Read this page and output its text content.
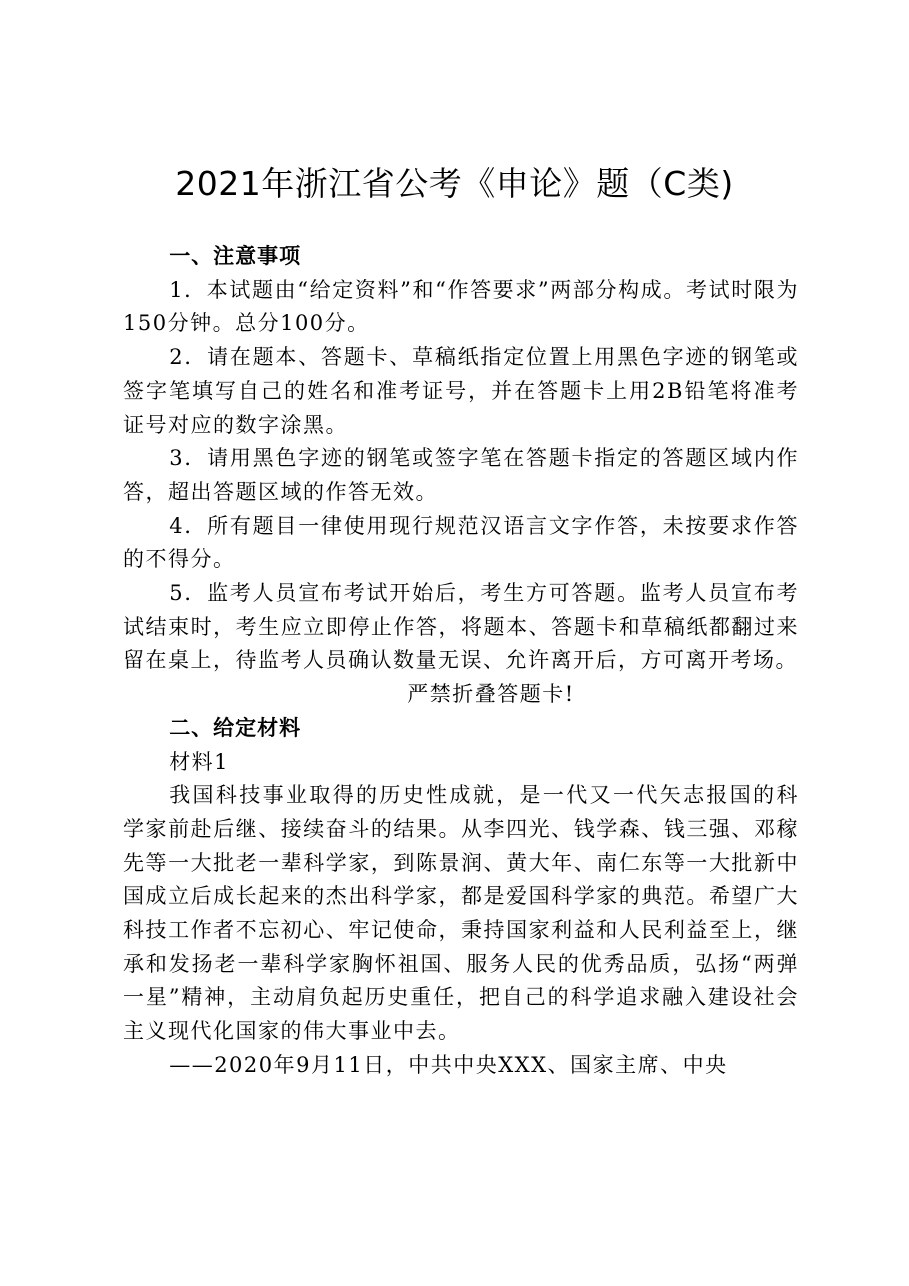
2021年浙江省公考《申论》题（C类)

一、注意事项

1．本试题由“给定资料”和“作答要求”两部分构成。考试时限为150分钟。总分100分。

2．请在题本、答题卡、草稿纸指定位置上用黑色字迹的钢笔或签字笔填写自己的姓名和准考证号，并在答题卡上用2B铅笔将准考证号对应的数字涂黑。

3．请用黑色字迹的钢笔或签字笔在答题卡指定的答题区域内作答，超出答题区域的作答无效。

4．所有题目一律使用现行规范汉语言文字作答，未按要求作答的不得分。

5．监考人员宣布考试开始后，考生方可答题。监考人员宣布考试结束时，考生应立即停止作答，将题本、答题卡和草稿纸都翻过来留在桌上，待监考人员确认数量无误、允许离开后，方可离开考场。

严禁折叠答题卡!

二、给定材料

材料1

我国科技事业取得的历史性成就，是一代又一代矢志报国的科学家前赴后继、接续奋斗的结果。从李四光、钱学森、钱三强、邓稼先等一大批老一辈科学家，到陈景润、黄大年、南仁东等一大批新中国成立后成长起来的杰出科学家，都是爱国科学家的典范。希望广大科技工作者不忘初心、牢记使命，秉持国家利益和人民利益至上，继承和发扬老一辈科学家胸怀祖国、服务人民的优秀品质，弘扬“两弹一星”精神，主动肩负起历史重任，把自己的科学追求融入建设社会主义现代化国家的伟大事业中去。

——2020年9月11日，中共中央XXX、国家主席、中央
